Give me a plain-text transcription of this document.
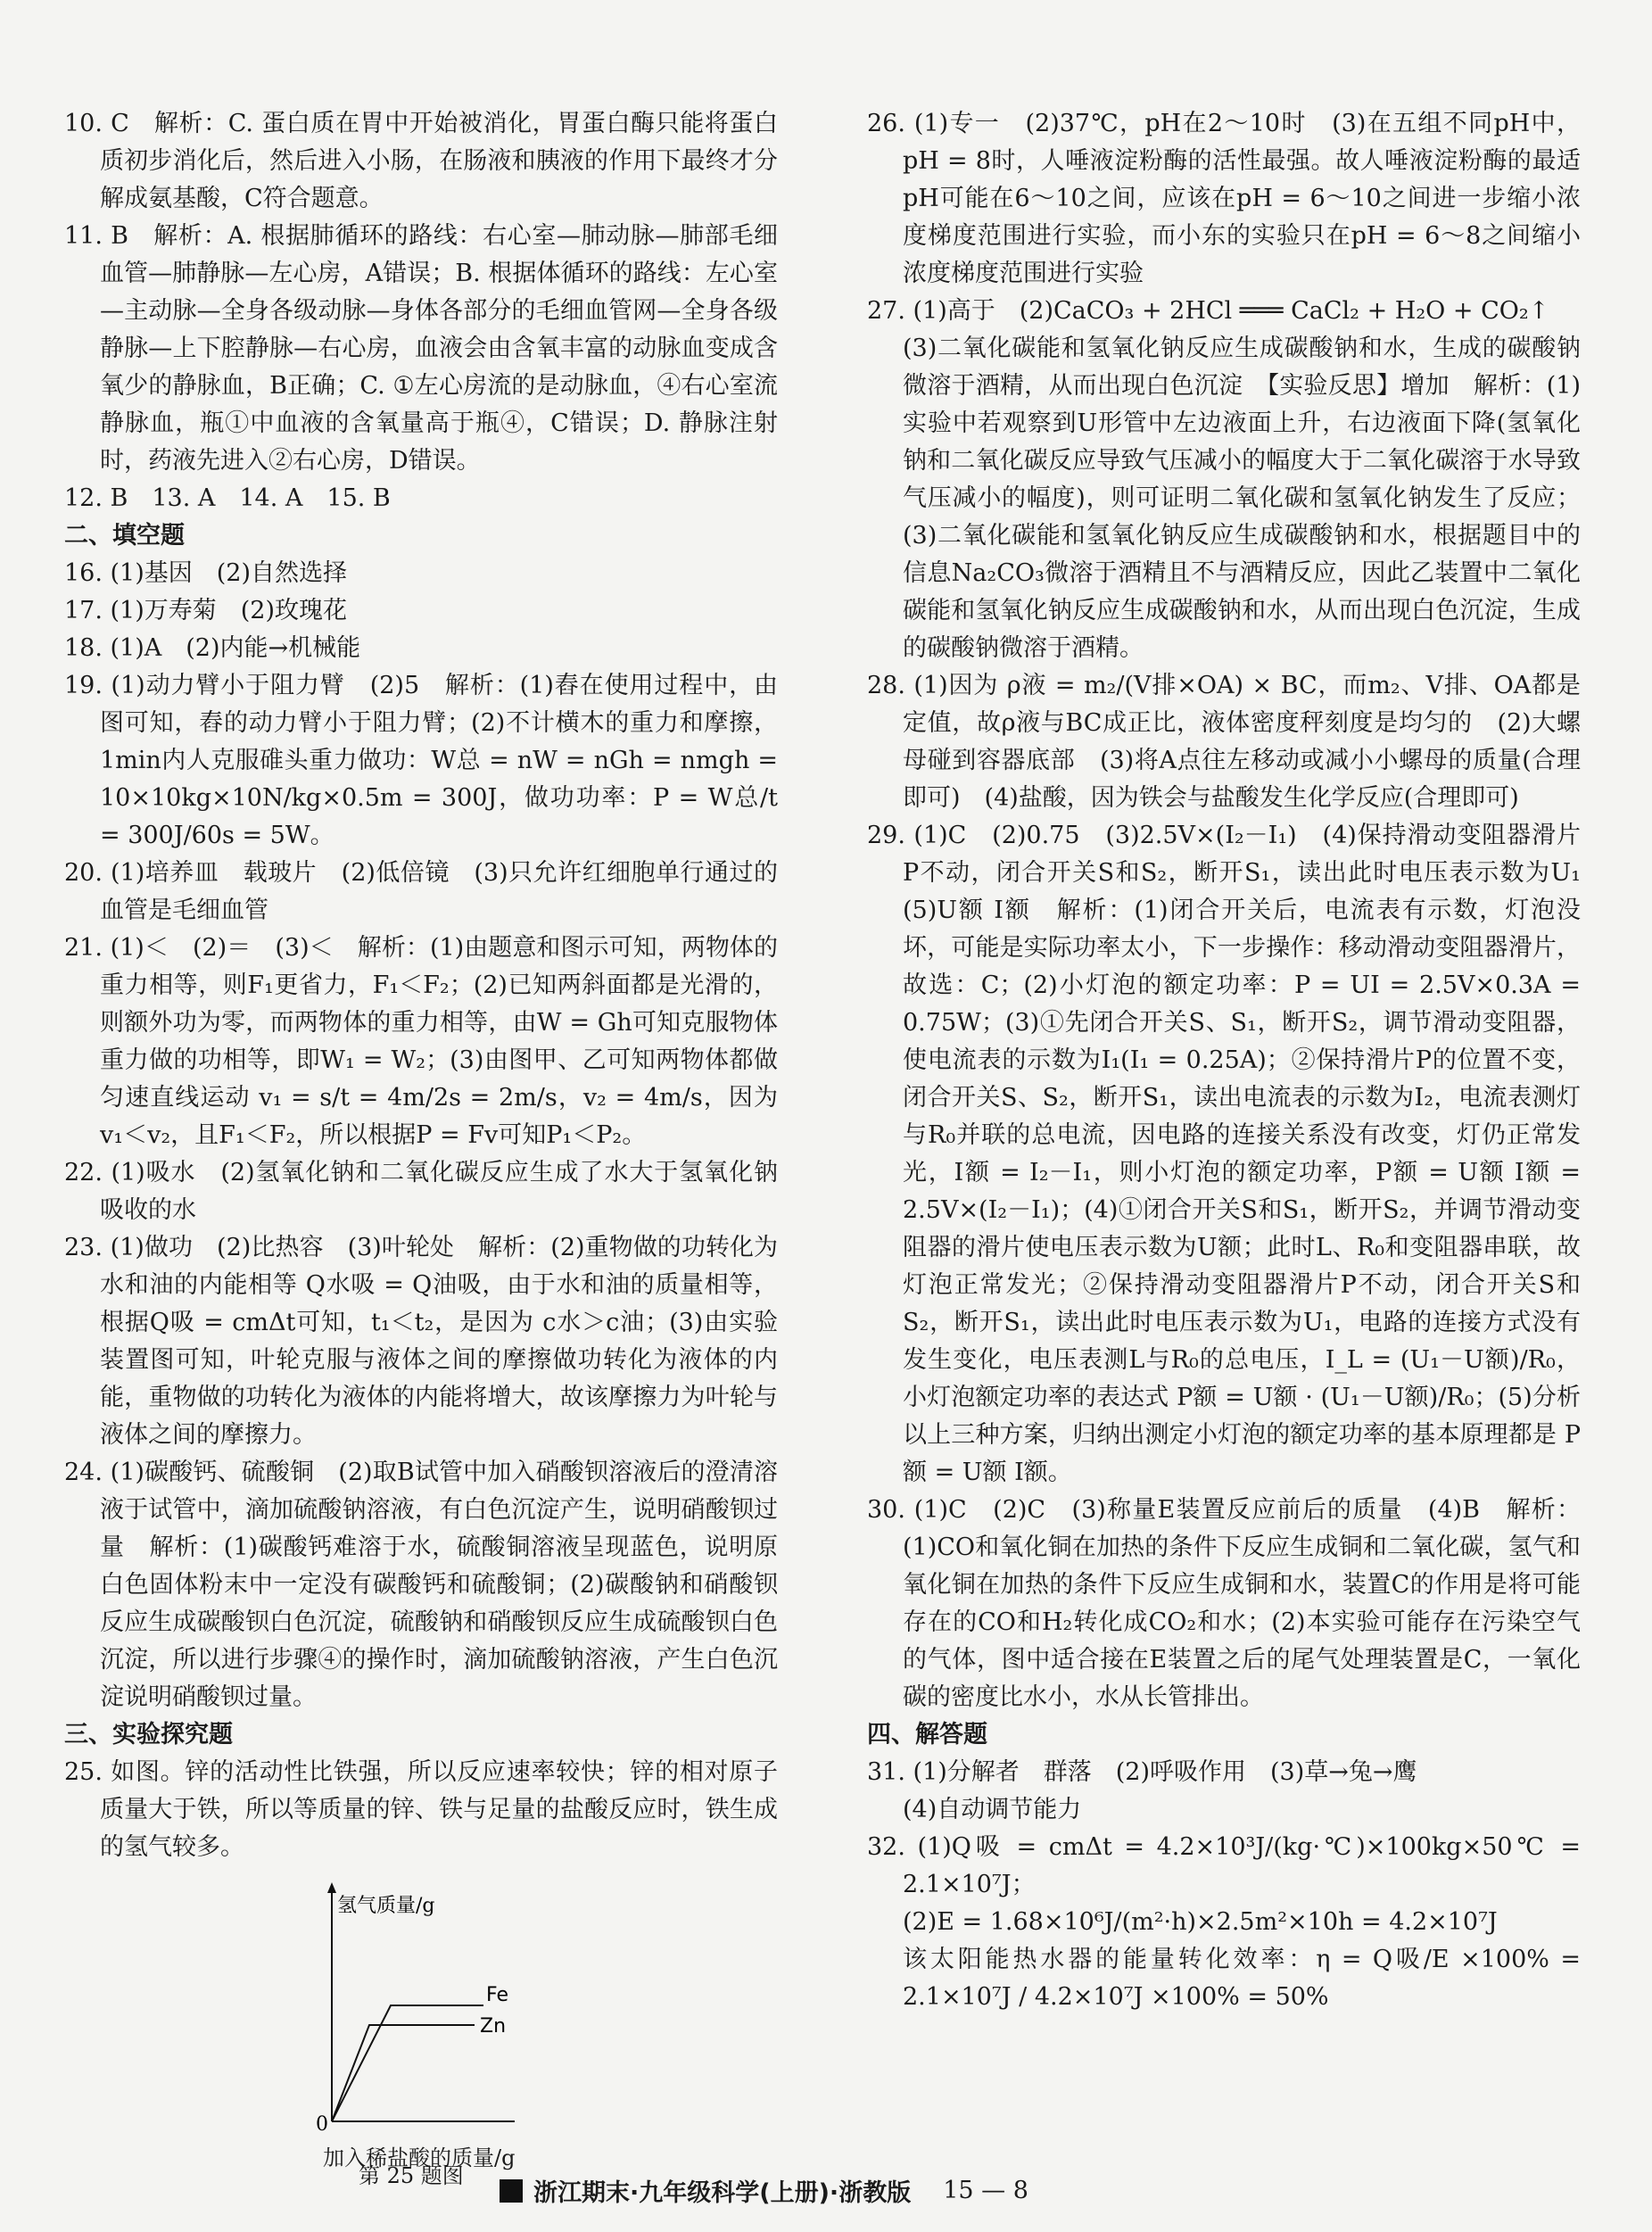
10. C　解析：C. 蛋白质在胃中开始被消化，胃蛋白酶只能将蛋白质初步消化后，然后进入小肠，在肠液和胰液的作用下最终才分解成氨基酸，C符合题意。

11. B　解析：A. 根据肺循环的路线：右心室—肺动脉—肺部毛细血管—肺静脉—左心房，A错误；B. 根据体循环的路线：左心室—主动脉—全身各级动脉—身体各部分的毛细血管网—全身各级静脉—上下腔静脉—右心房，血液会由含氧丰富的动脉血变成含氧少的静脉血，B正确；C. ①左心房流的是动脉血，④右心室流静脉血，瓶①中血液的含氧量高于瓶④，C错误；D. 静脉注射时，药液先进入②右心房，D错误。

12. B　13. A　14. A　15. B

二、填空题

16. (1)基因　(2)自然选择

17. (1)万寿菊　(2)玫瑰花

18. (1)A　(2)内能→机械能

19. (1)动力臂小于阻力臂　(2)5　解析：(1)舂在使用过程中，由图可知，舂的动力臂小于阻力臂；(2)不计横木的重力和摩擦，1min内人克服碓头重力做功：W总 = nW = nGh = nmgh = 10×10kg×10N/kg×0.5m = 300J，做功功率：P = W总/t = 300J/60s = 5W。

20. (1)培养皿　载玻片　(2)低倍镜　(3)只允许红细胞单行通过的血管是毛细血管

21. (1)＜　(2)＝　(3)＜　解析：(1)由题意和图示可知，两物体的重力相等，则F₁更省力，F₁＜F₂；(2)已知两斜面都是光滑的，则额外功为零，而两物体的重力相等，由W = Gh可知克服物体重力做的功相等，即W₁ = W₂；(3)由图甲、乙可知两物体都做匀速直线运动 v₁ = s/t = 4m/2s = 2m/s，v₂ = 4m/s，因为 v₁＜v₂，且F₁＜F₂，所以根据P = Fv可知P₁＜P₂。

22. (1)吸水　(2)氢氧化钠和二氧化碳反应生成了水大于氢氧化钠吸收的水

23. (1)做功　(2)比热容　(3)叶轮处　解析：(2)重物做的功转化为水和油的内能相等 Q水吸 = Q油吸，由于水和油的质量相等，根据Q吸 = cmΔt可知，t₁＜t₂，是因为 c水＞c油；(3)由实验装置图可知，叶轮克服与液体之间的摩擦做功转化为液体的内能，重物做的功转化为液体的内能将增大，故该摩擦力为叶轮与液体之间的摩擦力。

24. (1)碳酸钙、硫酸铜　(2)取B试管中加入硝酸钡溶液后的澄清溶液于试管中，滴加硫酸钠溶液，有白色沉淀产生，说明硝酸钡过量　解析：(1)碳酸钙难溶于水，硫酸铜溶液呈现蓝色，说明原白色固体粉末中一定没有碳酸钙和硫酸铜；(2)碳酸钠和硝酸钡反应生成碳酸钡白色沉淀，硫酸钠和硝酸钡反应生成硫酸钡白色沉淀，所以进行步骤④的操作时，滴加硫酸钠溶液，产生白色沉淀说明硝酸钡过量。

三、实验探究题

25. 如图。锌的活动性比铁强，所以反应速率较快；锌的相对原子质量大于铁，所以等质量的锌、铁与足量的盐酸反应时，铁生成的氢气较多。

氢气质量/g
Fe
Zn
0
加入稀盐酸的质量/g
第 25 题图

26. (1)专一　(2)37℃，pH在2～10时　(3)在五组不同pH中，pH = 8时，人唾液淀粉酶的活性最强。故人唾液淀粉酶的最适pH可能在6～10之间，应该在pH = 6～10之间进一步缩小浓度梯度范围进行实验，而小东的实验只在pH = 6～8之间缩小浓度梯度范围进行实验

27. (1)高于　(2)CaCO₃ + 2HCl ═══ CaCl₂ + H₂O + CO₂↑

(3)二氧化碳能和氢氧化钠反应生成碳酸钠和水，生成的碳酸钠微溶于酒精，从而出现白色沉淀　【实验反思】增加　解析：(1)实验中若观察到U形管中左边液面上升，右边液面下降(氢氧化钠和二氧化碳反应导致气压减小的幅度大于二氧化碳溶于水导致气压减小的幅度)，则可证明二氧化碳和氢氧化钠发生了反应；(3)二氧化碳能和氢氧化钠反应生成碳酸钠和水，根据题目中的信息Na₂CO₃微溶于酒精且不与酒精反应，因此乙装置中二氧化碳能和氢氧化钠反应生成碳酸钠和水，从而出现白色沉淀，生成的碳酸钠微溶于酒精。

28. (1)因为 ρ液 = m₂/(V排×OA) × BC，而m₂、V排、OA都是定值，故ρ液与BC成正比，液体密度秤刻度是均匀的　(2)大螺母碰到容器底部　(3)将A点往左移动或减小小螺母的质量(合理即可)　(4)盐酸，因为铁会与盐酸发生化学反应(合理即可)

29. (1)C　(2)0.75　(3)2.5V×(I₂－I₁)　(4)保持滑动变阻器滑片P不动，闭合开关S和S₂，断开S₁，读出此时电压表示数为U₁　(5)U额 I额　解析：(1)闭合开关后，电流表有示数，灯泡没坏，可能是实际功率太小，下一步操作：移动滑动变阻器滑片，故选：C；(2)小灯泡的额定功率：P = UI = 2.5V×0.3A = 0.75W；(3)①先闭合开关S、S₁，断开S₂，调节滑动变阻器，使电流表的示数为I₁(I₁ = 0.25A)；②保持滑片P的位置不变，闭合开关S、S₂，断开S₁，读出电流表的示数为I₂，电流表测灯与R₀并联的总电流，因电路的连接关系没有改变，灯仍正常发光，I额 = I₂－I₁，则小灯泡的额定功率，P额 = U额 I额 = 2.5V×(I₂－I₁)；(4)①闭合开关S和S₁，断开S₂，并调节滑动变阻器的滑片使电压表示数为U额；此时L、R₀和变阻器串联，故灯泡正常发光；②保持滑动变阻器滑片P不动，闭合开关S和S₂，断开S₁，读出此时电压表示数为U₁，电路的连接方式没有发生变化，电压表测L与R₀的总电压，I_L = (U₁－U额)/R₀，小灯泡额定功率的表达式 P额 = U额 · (U₁－U额)/R₀；(5)分析以上三种方案，归纳出测定小灯泡的额定功率的基本原理都是 P额 = U额 I额。

30. (1)C　(2)C　(3)称量E装置反应前后的质量　(4)B　解析：(1)CO和氧化铜在加热的条件下反应生成铜和二氧化碳，氢气和氧化铜在加热的条件下反应生成铜和水，装置C的作用是将可能存在的CO和H₂转化成CO₂和水；(2)本实验可能存在污染空气的气体，图中适合接在E装置之后的尾气处理装置是C，一氧化碳的密度比水小，水从长管排出。

四、解答题

31. (1)分解者　群落　(2)呼吸作用　(3)草→兔→鹰

(4)自动调节能力

32. (1)Q吸 = cmΔt = 4.2×10³J/(kg·℃)×100kg×50℃ = 2.1×10⁷J；

(2)E = 1.68×10⁶J/(m²·h)×2.5m²×10h = 4.2×10⁷J

该太阳能热水器的能量转化效率：η = Q吸/E ×100% = 2.1×10⁷J / 4.2×10⁷J ×100% = 50%

浙江期末·九年级科学(上册)·浙教版 15 — 8
